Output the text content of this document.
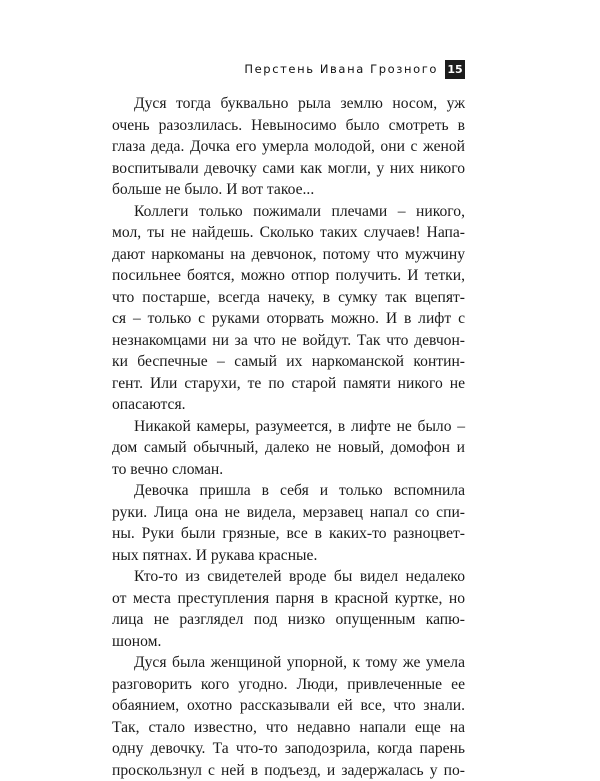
Перстень Ивана Грозного 15
Дуся тогда буквально рыла землю носом, уж
очень разозлилась. Невыносимо было смотреть в
глаза деда. Дочка его умерла молодой, они с женой
воспитывали девочку сами как могли, у них никого
больше не было. И вот такое...
Коллеги только пожимали плечами – никого,
мол, ты не найдешь. Сколько таких случаев! Напа-
дают наркоманы на девчонок, потому что мужчину
посильнее боятся, можно отпор получить. И тетки,
что постарше, всегда начеку, в сумку так вцепят-
ся – только с руками оторвать можно. И в лифт с
незнакомцами ни за что не войдут. Так что девчон-
ки беспечные – самый их наркоманской контин-
гент. Или старухи, те по старой памяти никого не
опасаются.
Никакой камеры, разумеется, в лифте не было –
дом самый обычный, далеко не новый, домофон и
то вечно сломан.
Девочка пришла в себя и только вспомнила
руки. Лица она не видела, мерзавец напал со спи-
ны. Руки были грязные, все в каких-то разноцвет-
ных пятнах. И рукава красные.
Кто-то из свидетелей вроде бы видел недалеко
от места преступления парня в красной куртке, но
лица не разглядел под низко опущенным капю-
шоном.
Дуся была женщиной упорной, к тому же умела
разговорить кого угодно. Люди, привлеченные ее
обаянием, охотно рассказывали ей все, что знали.
Так, стало известно, что недавно напали еще на
одну девочку. Та что-то заподозрила, когда парень
проскользнул с ней в подъезд, и задержалась у по-
